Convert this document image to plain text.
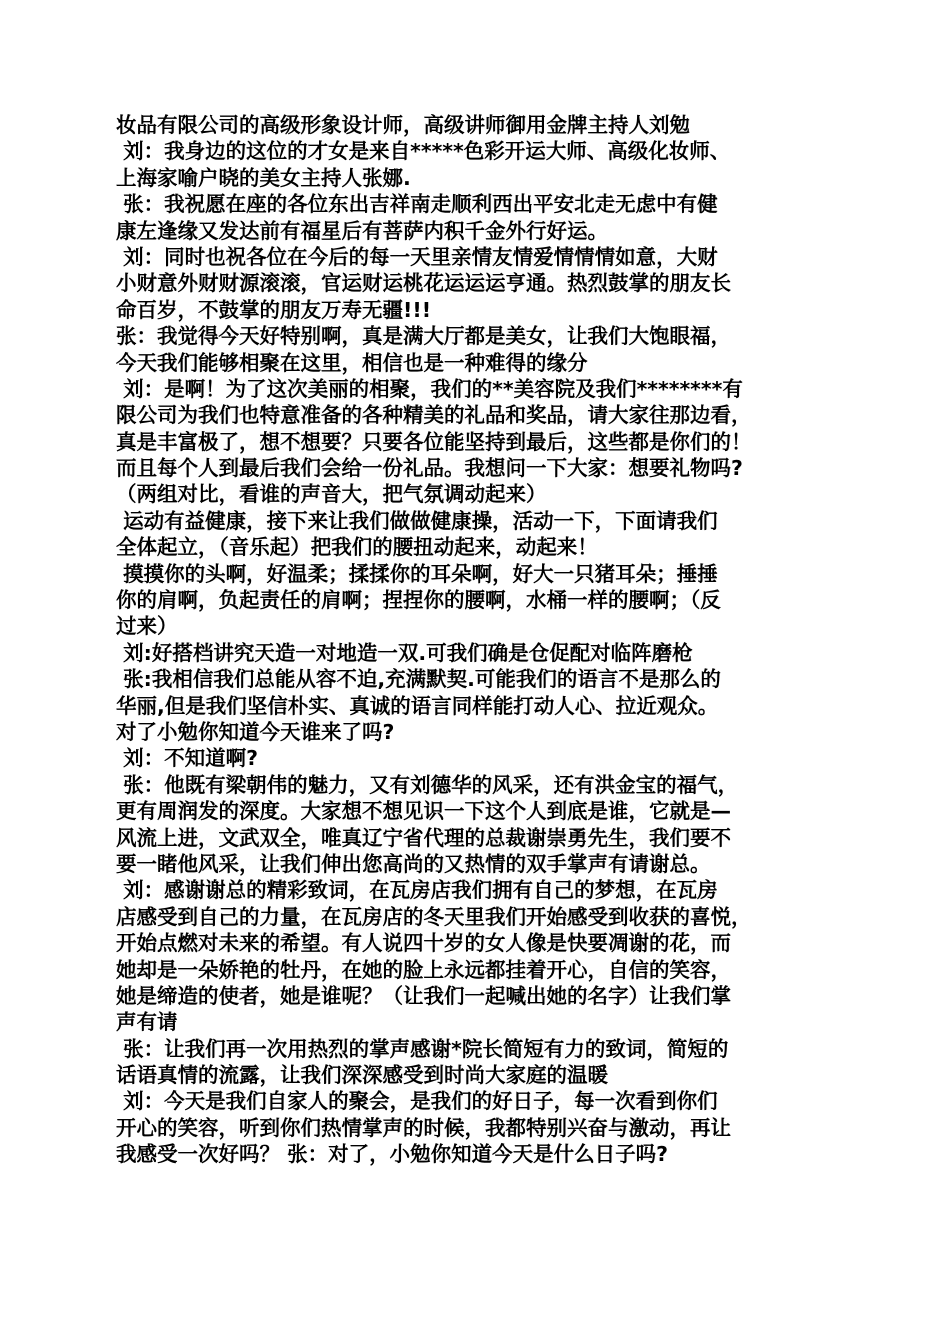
妆品有限公司的高级形象设计师，高级讲师御用金牌主持人刘勉
刘：我身边的这位的才女是来自*****色彩开运大师、高级化妆师、
上海家喻户晓的美女主持人张娜.
张：我祝愿在座的各位东出吉祥南走顺利西出平安北走无虑中有健
康左逢缘又发达前有福星后有菩萨内积千金外行好运。
刘：同时也祝各位在今后的每一天里亲情友情爱情情情如意，大财
小财意外财财源滚滚，官运财运桃花运运运亨通。热烈鼓掌的朋友长
命百岁，不鼓掌的朋友万寿无疆!!!
张：我觉得今天好特别啊，真是满大厅都是美女，让我们大饱眼福，
今天我们能够相聚在这里，相信也是一种难得的缘分
刘：是啊！为了这次美丽的相聚，我们的**美容院及我们********有
限公司为我们也特意准备的各种精美的礼品和奖品，请大家往那边看，
真是丰富极了，想不想要？只要各位能坚持到最后，这些都是你们的！
而且每个人到最后我们会给一份礼品。我想问一下大家：想要礼物吗?
（两组对比，看谁的声音大，把气氛调动起来）
运动有益健康，接下来让我们做做健康操，活动一下，下面请我们
全体起立，（音乐起）把我们的腰扭动起来，动起来！
摸摸你的头啊，好温柔；揉揉你的耳朵啊，好大一只猪耳朵；捶捶
你的肩啊，负起责任的肩啊；捏捏你的腰啊，水桶一样的腰啊；（反
过来）
刘:好搭档讲究天造一对地造一双.可我们确是仓促配对临阵磨枪
张:我相信我们总能从容不迫,充满默契.可能我们的语言不是那么的
华丽,但是我们坚信朴实、真诚的语言同样能打动人心、拉近观众。
对了小勉你知道今天谁来了吗?
刘：不知道啊?
张：他既有梁朝伟的魅力，又有刘德华的风采，还有洪金宝的福气，
更有周润发的深度。大家想不想见识一下这个人到底是谁，它就是—
风流上进，文武双全，唯真辽宁省代理的总裁谢崇勇先生，我们要不
要一睹他风采，让我们伸出您高尚的又热情的双手掌声有请谢总。
刘：感谢谢总的精彩致词，在瓦房店我们拥有自己的梦想，在瓦房
店感受到自己的力量，在瓦房店的冬天里我们开始感受到收获的喜悦，
开始点燃对未来的希望。有人说四十岁的女人像是快要凋谢的花，而
她却是一朵娇艳的牡丹，在她的脸上永远都挂着开心，自信的笑容，
她是缔造的使者，她是谁呢？（让我们一起喊出她的名字）让我们掌
声有请
张：让我们再一次用热烈的掌声感谢*院长简短有力的致词，简短的
话语真情的流露，让我们深深感受到时尚大家庭的温暖
刘：今天是我们自家人的聚会，是我们的好日子，每一次看到你们
开心的笑容，听到你们热情掌声的时候，我都特别兴奋与激动，再让
我感受一次好吗？ 张：对了，小勉你知道今天是什么日子吗?
